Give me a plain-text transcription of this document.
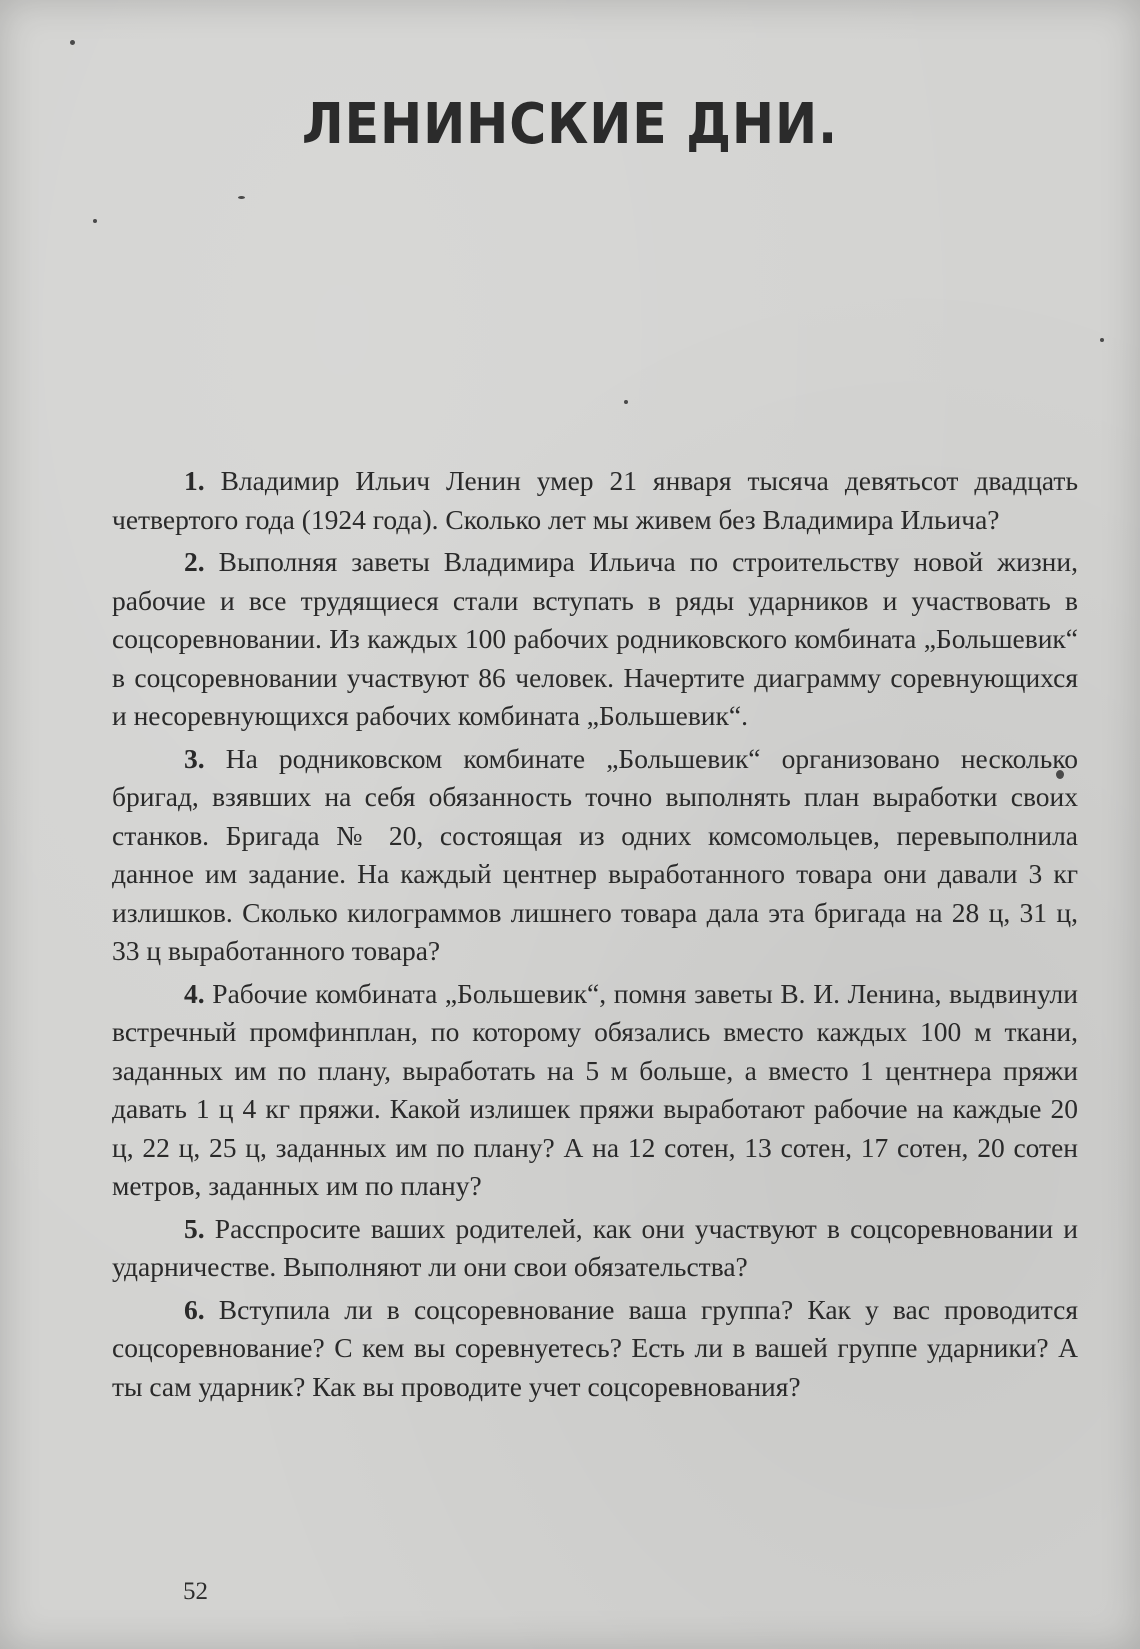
ЛЕНИНСКИЕ ДНИ.

1. Владимир Ильич Ленин умер 21 января тысяча девятьсот двадцать четвертого года (1924 года). Сколько лет мы живем без Владимира Ильича?

2. Выполняя заветы Владимира Ильича по строительству новой жизни, рабочие и все трудящиеся стали вступать в ряды ударников и участвовать в соцсоревновании. Из каждых 100 рабочих родниковского комбината „Большевик“ в соцсоревновании участвуют 86 человек. Начертите диаграмму соревнующихся и несоревнующихся рабочих комбината „Большевик“.

3. На родниковском комбинате „Большевик“ организовано несколько бригад, взявших на себя обязанность точно выполнять план выработки своих станков. Бригада № 20, состоящая из одних комсомольцев, перевыполнила данное им задание. На каждый центнер выработанного товара они давали 3 кг излишков. Сколько килограммов лишнего товара дала эта бригада на 28 ц, 31 ц, 33 ц выработанного товара?

4. Рабочие комбината „Большевик“, помня заветы В. И. Ленина, выдвинули встречный промфинплан, по которому обязались вместо каждых 100 м ткани, заданных им по плану, выработать на 5 м больше, а вместо 1 центнера пряжи давать 1 ц 4 кг пряжи. Какой излишек пряжи выработают рабочие на каждые 20 ц, 22 ц, 25 ц, заданных им по плану? А на 12 сотен, 13 сотен, 17 сотен, 20 сотен метров, заданных им по плану?

5. Расспросите ваших родителей, как они участвуют в соцсоревновании и ударничестве. Выполняют ли они свои обязательства?

6. Вступила ли в соцсоревнование ваша группа? Как у вас проводится соцсоревнование? С кем вы соревнуетесь? Есть ли в вашей группе ударники? А ты сам ударник? Как вы проводите учет соцсоревнования?

52
